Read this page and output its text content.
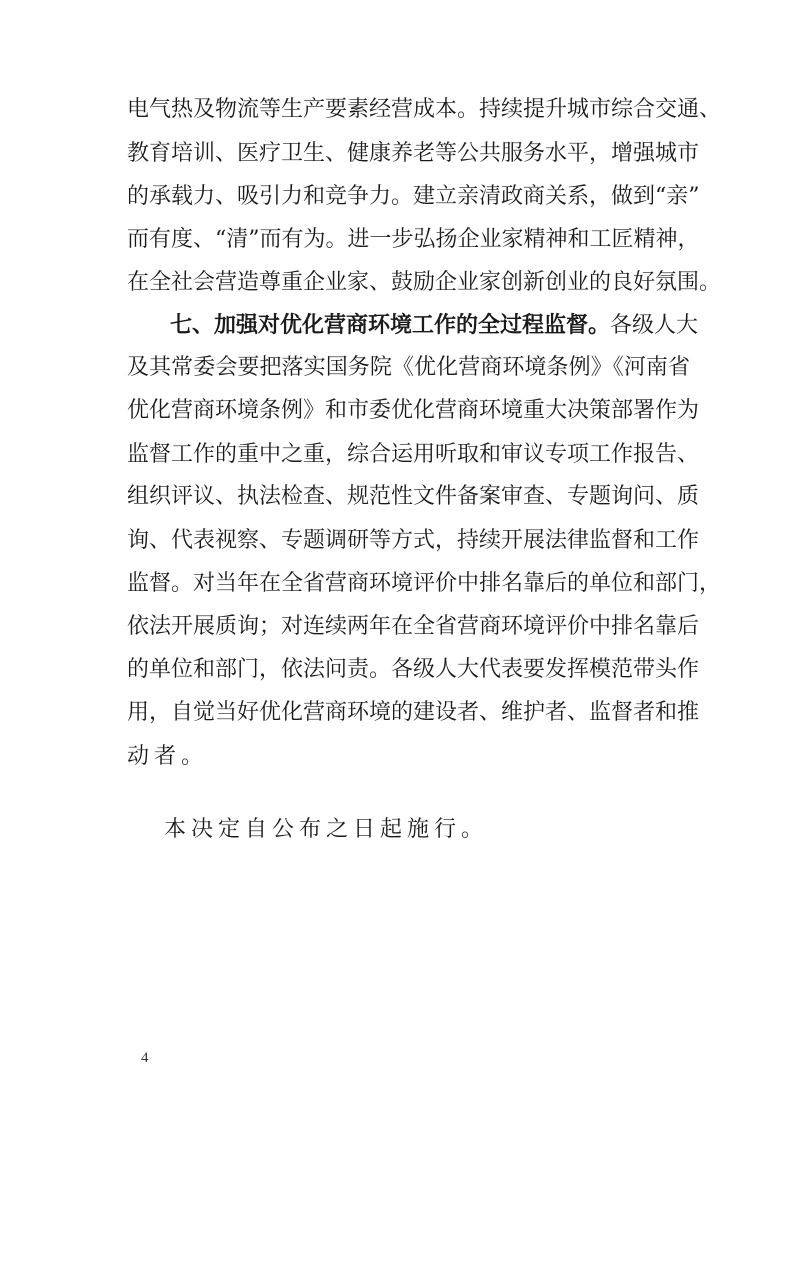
电气热及物流等生产要素经营成本。持续提升城市综合交通、
教育培训、医疗卫生、健康养老等公共服务水平，增强城市
的承载力、吸引力和竞争力。建立亲清政商关系，做到“亲”
而有度、“清”而有为。进一步弘扬企业家精神和工匠精神，
在全社会营造尊重企业家、鼓励企业家创新创业的良好氛围。
七、加强对优化营商环境工作的全过程监督。各级人大
及其常委会要把落实国务院《优化营商环境条例》《河南省
优化营商环境条例》和市委优化营商环境重大决策部署作为
监督工作的重中之重，综合运用听取和审议专项工作报告、
组织评议、执法检查、规范性文件备案审查、专题询问、质
询、代表视察、专题调研等方式，持续开展法律监督和工作
监督。对当年在全省营商环境评价中排名靠后的单位和部门，
依法开展质询；对连续两年在全省营商环境评价中排名靠后
的单位和部门，依法问责。各级人大代表要发挥模范带头作
用，自觉当好优化营商环境的建设者、维护者、监督者和推
动者。
本决定自公布之日起施行。
4
